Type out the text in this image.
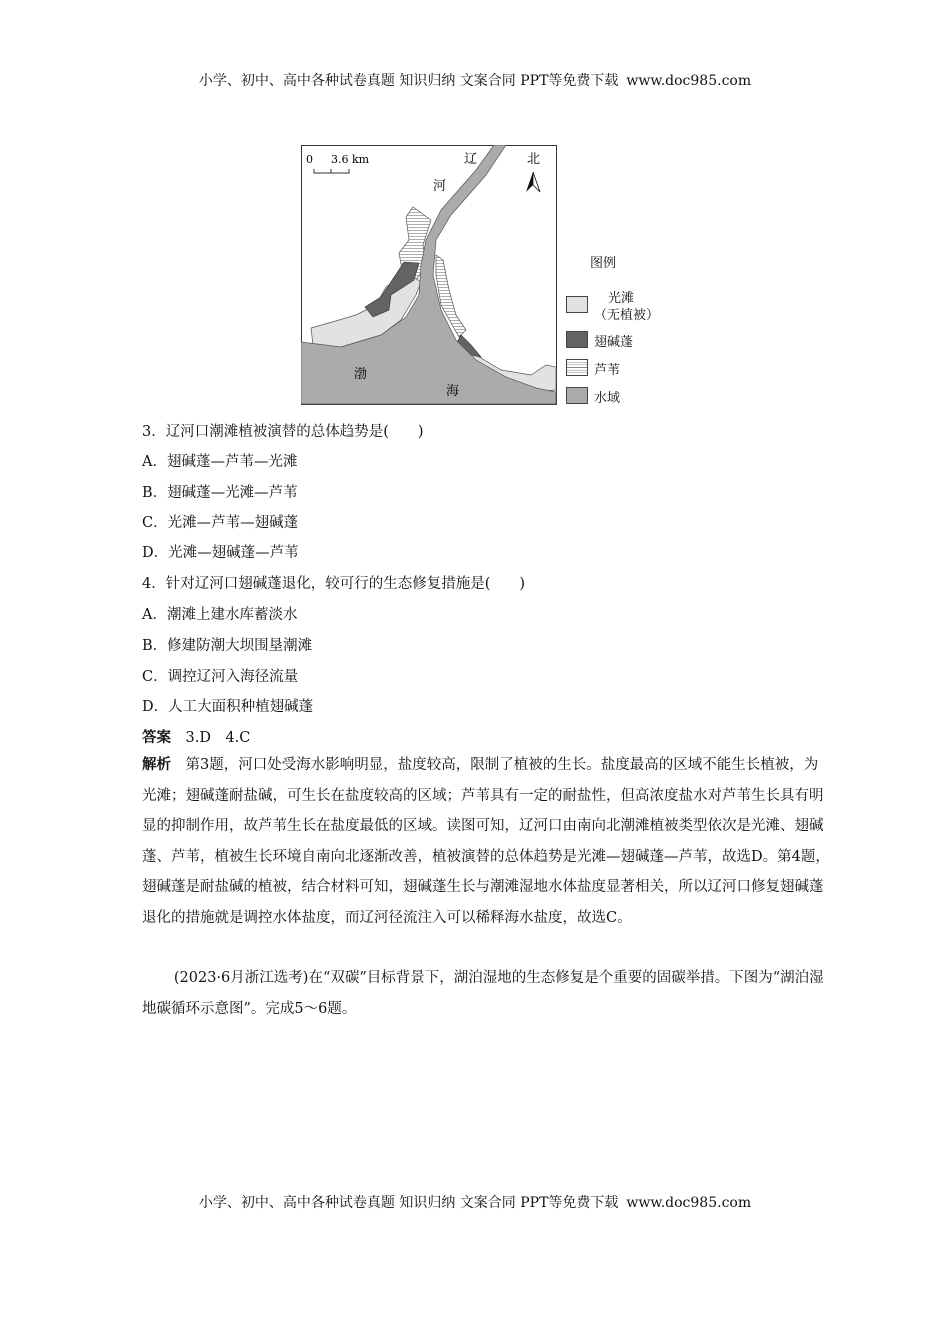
小学、初中、高中各种试卷真题 知识归纳 文案合同 PPT等免费下载 www.doc985.com
0 3.6 km	辽
河
北
渤
海
图例
光滩
（无植被）
翅碱蓬
芦苇
水域
3．辽河口潮滩植被演替的总体趋势是(　　)
A．翅碱蓬—芦苇—光滩
B．翅碱蓬—光滩—芦苇
C．光滩—芦苇—翅碱蓬
D．光滩—翅碱蓬—芦苇
4．针对辽河口翅碱蓬退化，较可行的生态修复措施是(　　)
A．潮滩上建水库蓄淡水
B．修建防潮大坝围垦潮滩
C．调控辽河入海径流量
D．人工大面积种植翅碱蓬
答案　 3.D　4.C
解析　 第3题，河口处受海水影响明显，盐度较高，限制了植被的生长。盐度最高的区域不能生长植被，为光滩；翅碱蓬耐盐碱，可生长在盐度较高的区域；芦苇具有一定的耐盐性，但高浓度盐水对芦苇生长具有明显的抑制作用，故芦苇生长在盐度最低的区域。读图可知，辽河口由南向北潮滩植被类型依次是光滩、翅碱蓬、芦苇，植被生长环境自南向北逐渐改善，植被演替的总体趋势是光滩—翅碱蓬—芦苇，故选D。第4题，翅碱蓬是耐盐碱的植被，结合材料可知，翅碱蓬生长与潮滩湿地水体盐度显著相关，所以辽河口修复翅碱蓬退化的措施就是调控水体盐度，而辽河径流注入可以稀释海水盐度，故选C。
(2023·6月浙江选考)在“双碳”目标背景下，湖泊湿地的生态修复是个重要的固碳举措。下图为“湖泊湿地碳循环示意图”。完成5～6题。
小学、初中、高中各种试卷真题 知识归纳 文案合同 PPT等免费下载 www.doc985.com
